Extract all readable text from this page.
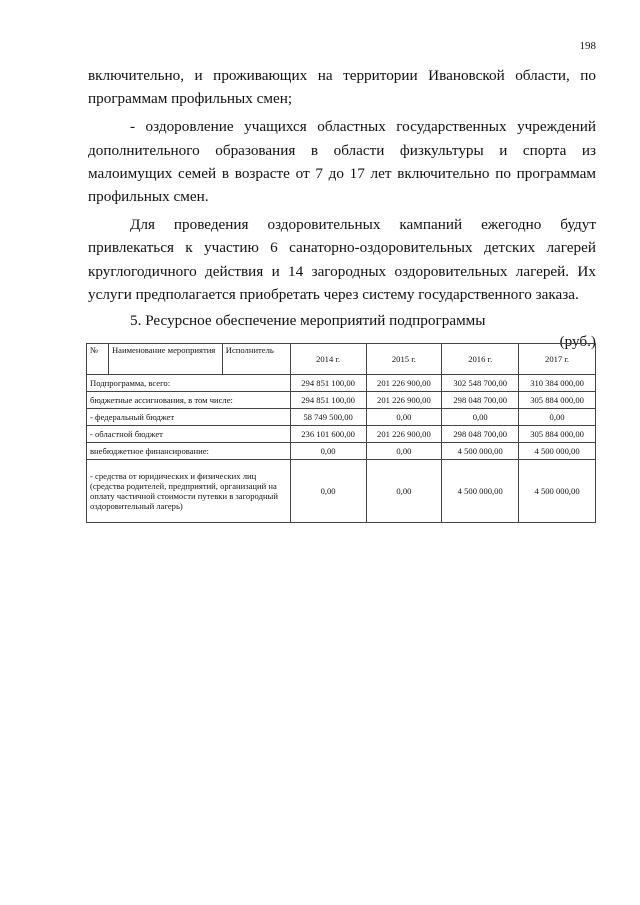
198

включительно, и проживающих на территории Ивановской области, по программам профильных смен;

- оздоровление учащихся областных государственных учреждений дополнительного образования в области физкультуры и спорта из малоимущих семей в возрасте от 7 до 17 лет включительно по программам профильных смен.

Для проведения оздоровительных кампаний ежегодно будут привлекаться к участию 6 санаторно-оздоровительных детских лагерей круглогодичного действия и 14 загородных оздоровительных лагерей. Их услуги предполагается приобретать через систему государственного заказа.

5. Ресурсное обеспечение мероприятий подпрограммы

(руб.)

№	Наименование мероприятия	Исполнитель	2014 г.	2015 г.	2016 г.	2017 г.
Подпрограмма, всего:			294 851 100,00	201 226 900,00	302 548 700,00	310 384 000,00
бюджетные ассигнования, в том числе:			294 851 100,00	201 226 900,00	298 048 700,00	305 884 000,00
- федеральный бюджет			58 749 500,00	0,00	0,00	0,00
- областной бюджет			236 101 600,00	201 226 900,00	298 048 700,00	305 884 000,00
внебюджетное финансирование:			0,00	0,00	4 500 000,00	4 500 000,00
- средства от юридических и физических лиц (средства родителей, предприятий, организаций на оплату частичной стоимости путевки в загородный оздоровительный лагерь)			0,00	0,00	4 500 000,00	4 500 000,00
